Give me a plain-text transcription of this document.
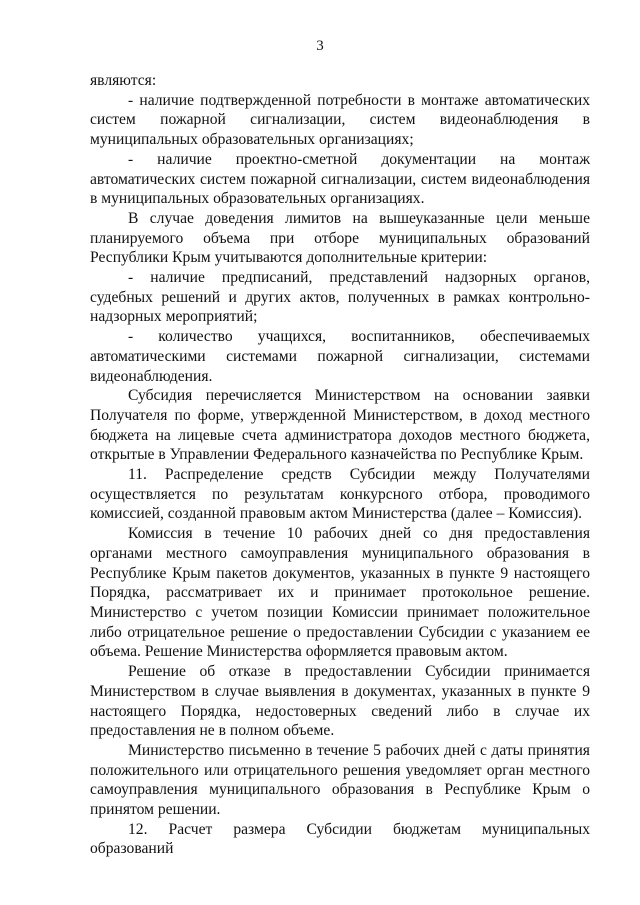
3

являются:

- наличие подтвержденной потребности в монтаже автоматических систем пожарной сигнализации, систем видеонаблюдения в муниципальных образовательных организациях;

- наличие проектно-сметной документации на монтаж автоматических систем пожарной сигнализации, систем видеонаблюдения в муниципальных образовательных организациях.

В случае доведения лимитов на вышеуказанные цели меньше планируемого объема при отборе муниципальных образований Республики Крым учитываются дополнительные критерии:

- наличие предписаний, представлений надзорных органов, судебных решений и других актов, полученных в рамках контрольно-надзорных мероприятий;

- количество учащихся, воспитанников, обеспечиваемых автоматическими системами пожарной сигнализации, системами видеонаблюдения.

Субсидия перечисляется Министерством на основании заявки Получателя по форме, утвержденной Министерством, в доход местного бюджета на лицевые счета администратора доходов местного бюджета, открытые в Управлении Федерального казначейства по Республике Крым.

11. Распределение средств Субсидии между Получателями осуществляется по результатам конкурсного отбора, проводимого комиссией, созданной правовым актом Министерства (далее – Комиссия).

Комиссия в течение 10 рабочих дней со дня предоставления органами местного самоуправления муниципального образования в Республике Крым пакетов документов, указанных в пункте 9 настоящего Порядка, рассматривает их и принимает протокольное решение. Министерство с учетом позиции Комиссии принимает положительное либо отрицательное решение о предоставлении Субсидии с указанием ее объема. Решение Министерства оформляется правовым актом.

Решение об отказе в предоставлении Субсидии принимается Министерством в случае выявления в документах, указанных в пункте 9 настоящего Порядка, недостоверных сведений либо в случае их предоставления не в полном объеме.

Министерство письменно в течение 5 рабочих дней с даты принятия положительного или отрицательного решения уведомляет орган местного самоуправления муниципального образования в Республике Крым о принятом решении.

12. Расчет размера Субсидии бюджетам муниципальных образований
